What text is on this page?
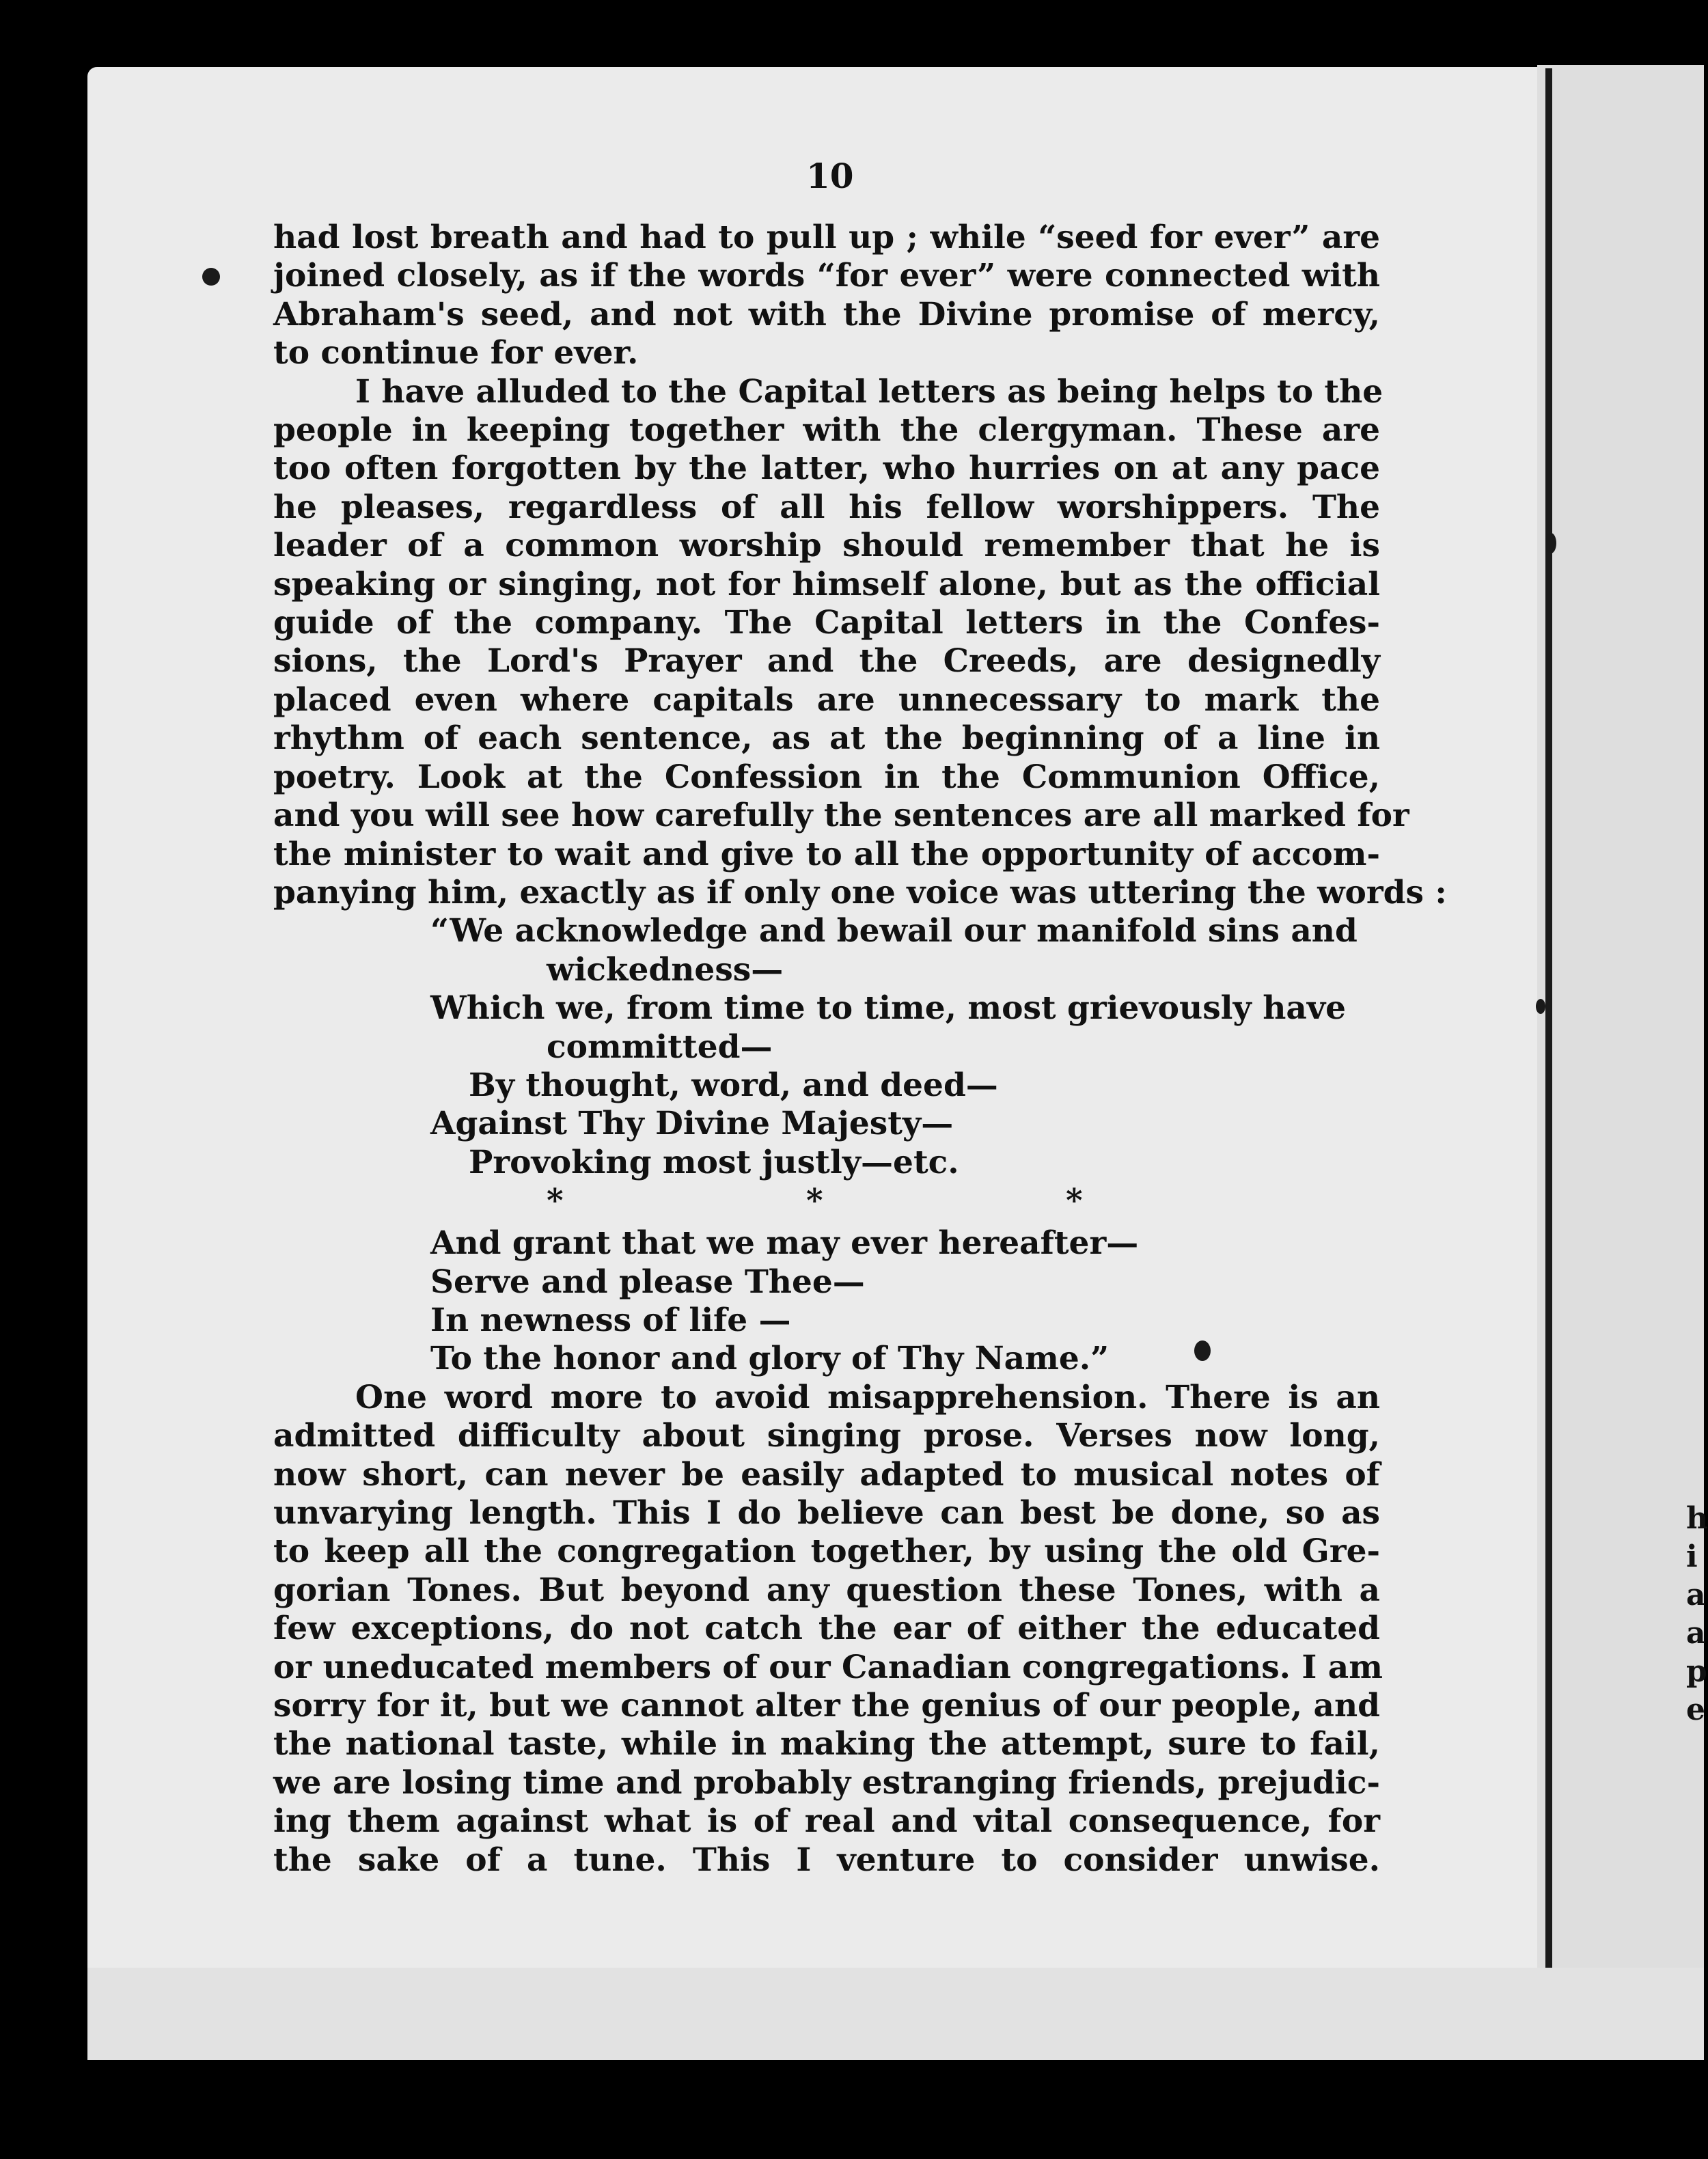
10
had lost breath and had to pull up ; while “seed for ever” are
joined closely, as if the words “for ever” were connected with
Abraham's seed, and not with the Divine promise of mercy,
to continue for ever.
I have alluded to the Capital letters as being helps to the
people in keeping together with the clergyman. These are
too often forgotten by the latter, who hurries on at any pace
he pleases, regardless of all his fellow worshippers. The
leader of a common worship should remember that he is
speaking or singing, not for himself alone, but as the official
guide of the company. The Capital letters in the Confes-
sions, the Lord's Prayer and the Creeds, are designedly
placed even where capitals are unnecessary to mark the
rhythm of each sentence, as at the beginning of a line in
poetry. Look at the Confession in the Communion Office,
and you will see how carefully the sentences are all marked for
the minister to wait and give to all the opportunity of accom-
panying him, exactly as if only one voice was uttering the words :
“We acknowledge and bewail our manifold sins and
wickedness—
Which we, from time to time, most grievously have
committed—
By thought, word, and deed—
Against Thy Divine Majesty—
Provoking most justly—etc.
*	*	*
And grant that we may ever hereafter—
Serve and please Thee—
In newness of life —
To the honor and glory of Thy Name.”
One word more to avoid misapprehension. There is an
admitted difficulty about singing prose. Verses now long,
now short, can never be easily adapted to musical notes of
unvarying length. This I do believe can best be done, so as
to keep all the congregation together, by using the old Gre-
gorian Tones. But beyond any question these Tones, with a
few exceptions, do not catch the ear of either the educated
or uneducated members of our Canadian congregations. I am
sorry for it, but we cannot alter the genius of our people, and
the national taste, while in making the attempt, sure to fail,
we are losing time and probably estranging friends, prejudic-
ing them against what is of real and vital consequence, for
the sake of a tune. This I venture to consider unwise.
h
i
a
a
p
e
